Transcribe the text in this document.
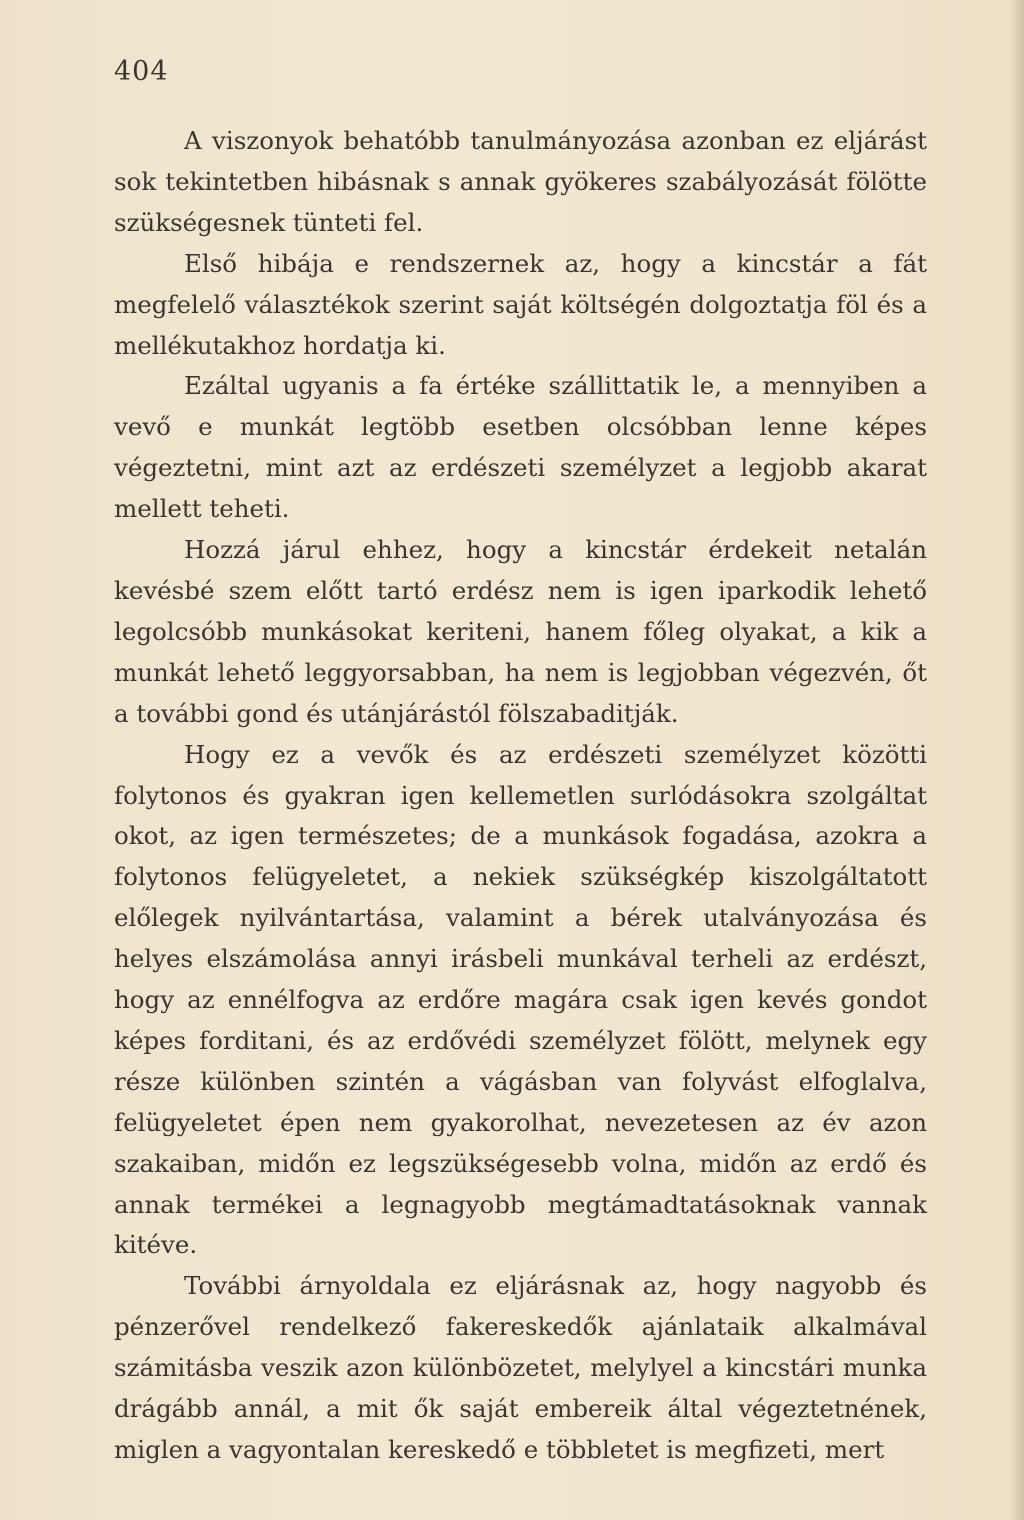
404

A viszonyok behatóbb tanulmányozása azonban ez eljárást sok tekintetben hibásnak s annak gyökeres szabályozását fölötte szükségesnek tünteti fel.

Első hibája e rendszernek az, hogy a kincstár a fát megfelelő választékok szerint saját költségén dolgoztatja föl és a mellékutakhoz hordatja ki.

Ezáltal ugyanis a fa értéke szállittatik le, a mennyiben a vevő e munkát legtöbb esetben olcsóbban lenne képes végeztetni, mint azt az erdészeti személyzet a legjobb akarat mellett teheti.

Hozzá járul ehhez, hogy a kincstár érdekeit netalán kevésbé szem előtt tartó erdész nem is igen iparkodik lehető legolcsóbb munkásokat keriteni, hanem főleg olyakat, a kik a munkát lehető leggyorsabban, ha nem is legjobban végezvén, őt a további gond és utánjárástól fölszabaditják.

Hogy ez a vevők és az erdészeti személyzet közötti folytonos és gyakran igen kellemetlen surlódásokra szolgáltat okot, az igen természetes; de a munkások fogadása, azokra a folytonos felügyeletet, a nekiek szükségkép kiszolgáltatott előlegek nyilvántartása, valamint a bérek utalványozása és helyes elszámolása annyi irásbeli munkával terheli az erdészt, hogy az ennélfogva az erdőre magára csak igen kevés gondot képes forditani, és az erdővédi személyzet fölött, melynek egy része különben szintén a vágásban van folyvást elfoglalva, felügyeletet épen nem gyakorolhat, nevezetesen az év azon szakaiban, midőn ez legszükségesebb volna, midőn az erdő és annak termékei a legnagyobb megtámadtatásoknak vannak kitéve.

További árnyoldala ez eljárásnak az, hogy nagyobb és pénzerővel rendelkező fakereskedők ajánlataik alkalmával számitásba veszik azon különbözetet, melylyel a kincstári munka drágább annál, a mit ők saját embereik által végeztetnének, miglen a vagyontalan kereskedő e többletet is megfizeti, mert
